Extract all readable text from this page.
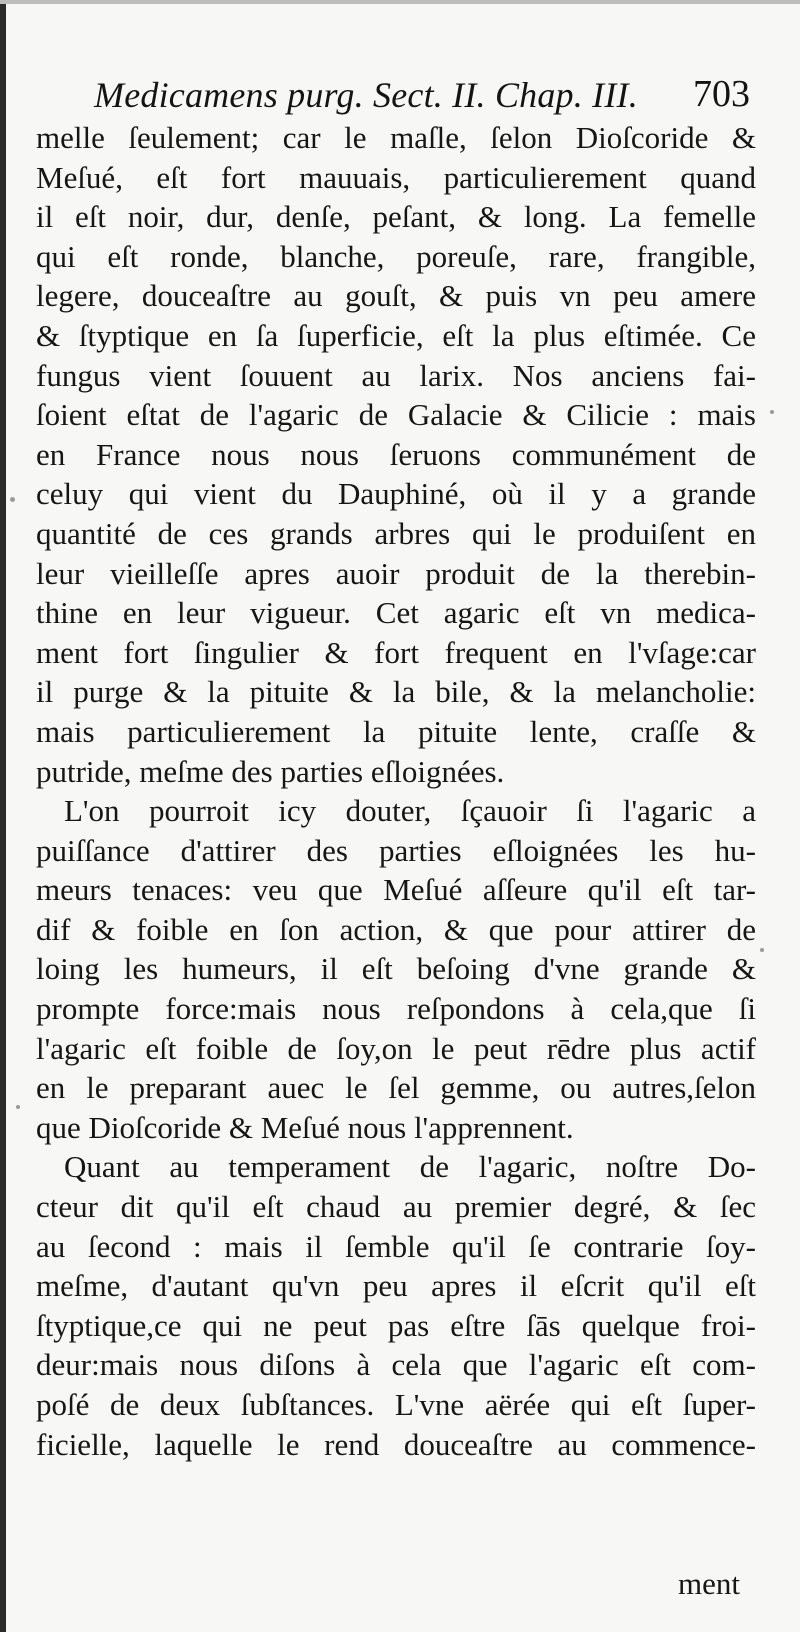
Medicamens purg. Sect. II. Chap. III. 703
melle ſeulement; car le maſle, ſelon Dioſcoride &
Meſué, eſt fort mauuais, particulierement quand
il eſt noir, dur, denſe, peſant, & long. La femelle
qui eſt ronde, blanche, poreuſe, rare, frangible,
legere, douceaſtre au gouſt, & puis vn peu amere
& ſtyptique en ſa ſuperficie, eſt la plus eſtimée. Ce
fungus vient ſouuent au larix. Nos anciens fai-
ſoient eſtat de l'agaric de Galacie & Cilicie : mais
en France nous nous ſeruons communément de
celuy qui vient du Dauphiné, où il y a grande
quantité de ces grands arbres qui le produiſent en
leur vieilleſſe apres auoir produit de la therebin-
thine en leur vigueur. Cet agaric eſt vn medica-
ment fort ſingulier & fort frequent en l'vſage:car
il purge & la pituite & la bile, & la melancholie:
mais particulierement la pituite lente, craſſe &
putride, meſme des parties eſloignées.
L'on pourroit icy douter, ſçauoir ſi l'agaric a
puiſſance d'attirer des parties eſloignées les hu-
meurs tenaces: veu que Meſué aſſeure qu'il eſt tar-
dif & foible en ſon action, & que pour attirer de
loing les humeurs, il eſt beſoing d'vne grande &
prompte force:mais nous reſpondons à cela,que ſi
l'agaric eſt foible de ſoy,on le peut rēdre plus actif
en le preparant auec le ſel gemme, ou autres,ſelon
que Dioſcoride & Meſué nous l'apprennent.
Quant au temperament de l'agaric, noſtre Do-
cteur dit qu'il eſt chaud au premier degré, & ſec
au ſecond : mais il ſemble qu'il ſe contrarie ſoy-
meſme, d'autant qu'vn peu apres il eſcrit qu'il eſt
ſtyptique,ce qui ne peut pas eſtre ſās quelque froi-
deur:mais nous diſons à cela que l'agaric eſt com-
poſé de deux ſubſtances. L'vne aërée qui eſt ſuper-
ficielle, laquelle le rend douceaſtre au commence-
ment
